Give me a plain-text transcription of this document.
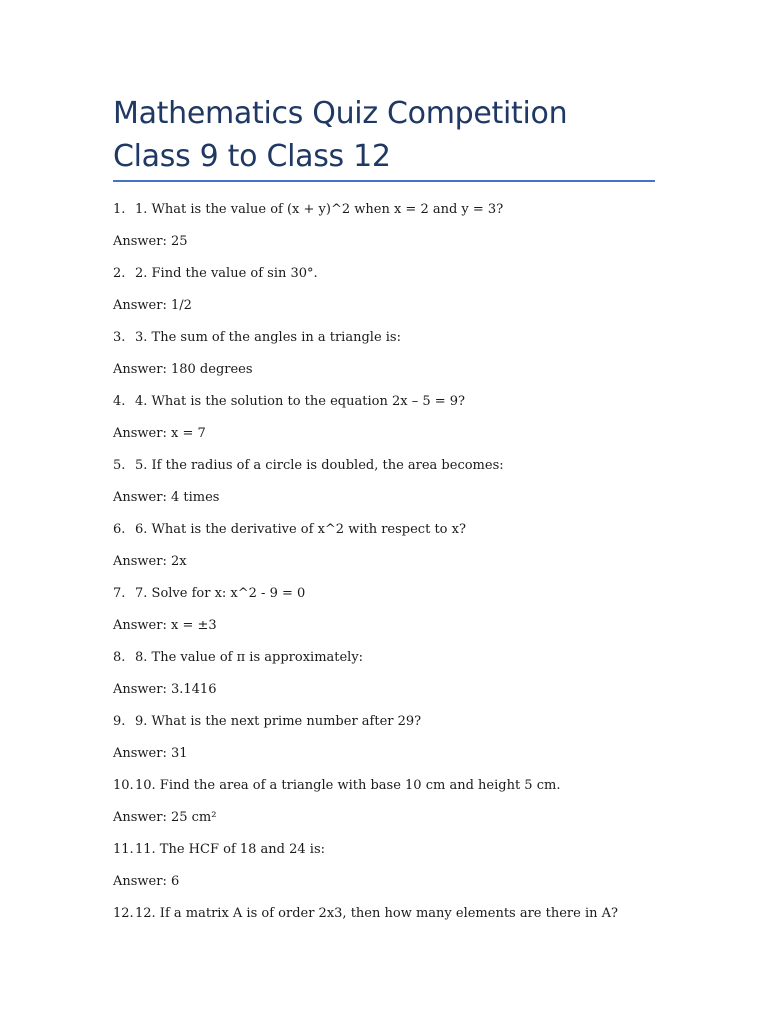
Mathematics Quiz Competition
Class 9 to Class 12
1. 1. What is the value of (x + y)^2 when x = 2 and y = 3?
Answer: 25
2. 2. Find the value of sin 30°.
Answer: 1/2
3. 3. The sum of the angles in a triangle is:
Answer: 180 degrees
4. 4. What is the solution to the equation 2x – 5 = 9?
Answer: x = 7
5. 5. If the radius of a circle is doubled, the area becomes:
Answer: 4 times
6. 6. What is the derivative of x^2 with respect to x?
Answer: 2x
7. 7. Solve for x: x^2 - 9 = 0
Answer: x = ±3
8. 8. The value of π is approximately:
Answer: 3.1416
9. 9. What is the next prime number after 29?
Answer: 31
10.10. Find the area of a triangle with base 10 cm and height 5 cm.
Answer: 25 cm²
11.11. The HCF of 18 and 24 is:
Answer: 6
12.12. If a matrix A is of order 2x3, then how many elements are there in A?
